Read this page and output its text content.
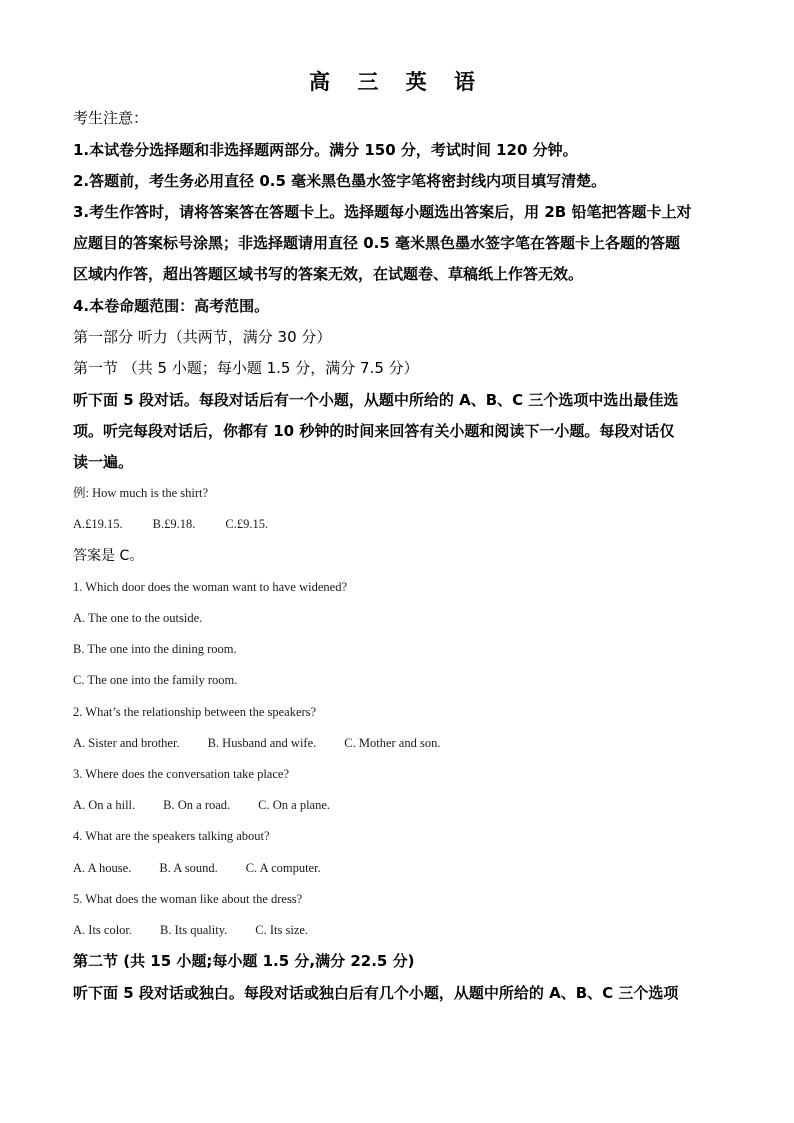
高 三 英 语
考生注意：
1.本试卷分选择题和非选择题两部分。满分 150 分，考试时间 120 分钟。
2.答题前，考生务必用直径 0.5 毫米黑色墨水签字笔将密封线内项目填写清楚。
3.考生作答时，请将答案答在答题卡上。选择题每小题选出答案后，用 2B 铅笔把答题卡上对
应题目的答案标号涂黑；非选择题请用直径 0.5 毫米黑色墨水签字笔在答题卡上各题的答题
区域内作答，超出答题区域书写的答案无效，在试题卷、草稿纸上作答无效。
4.本卷命题范围：高考范围。
第一部分 听力（共两节，满分 30 分）
第一节 （共 5 小题；每小题 1.5 分，满分 7.5 分）
听下面 5 段对话。每段对话后有一个小题，从题中所给的 A、B、C 三个选项中选出最佳选
项。听完每段对话后，你都有 10 秒钟的时间来回答有关小题和阅读下一小题。每段对话仅
读一遍。
例: How much is the shirt?
A.£19.15. B.£9.18. C.£9.15.
答案是 C。
1. Which door does the woman want to have widened?
A. The one to the outside.
B. The one into the dining room.
C. The one into the family room.
2. What’s the relationship between the speakers?
A. Sister and brother. B. Husband and wife. C. Mother and son.
3. Where does the conversation take place?
A. On a hill. B. On a road. C. On a plane.
4. What are the speakers talking about?
A. A house. B. A sound. C. A computer.
5. What does the woman like about the dress?
A. Its color. B. Its quality. C. Its size.
第二节 (共 15 小题;每小题 1.5 分,满分 22.5 分)
听下面 5 段对话或独白。每段对话或独白后有几个小题，从题中所给的 A、B、C 三个选项
